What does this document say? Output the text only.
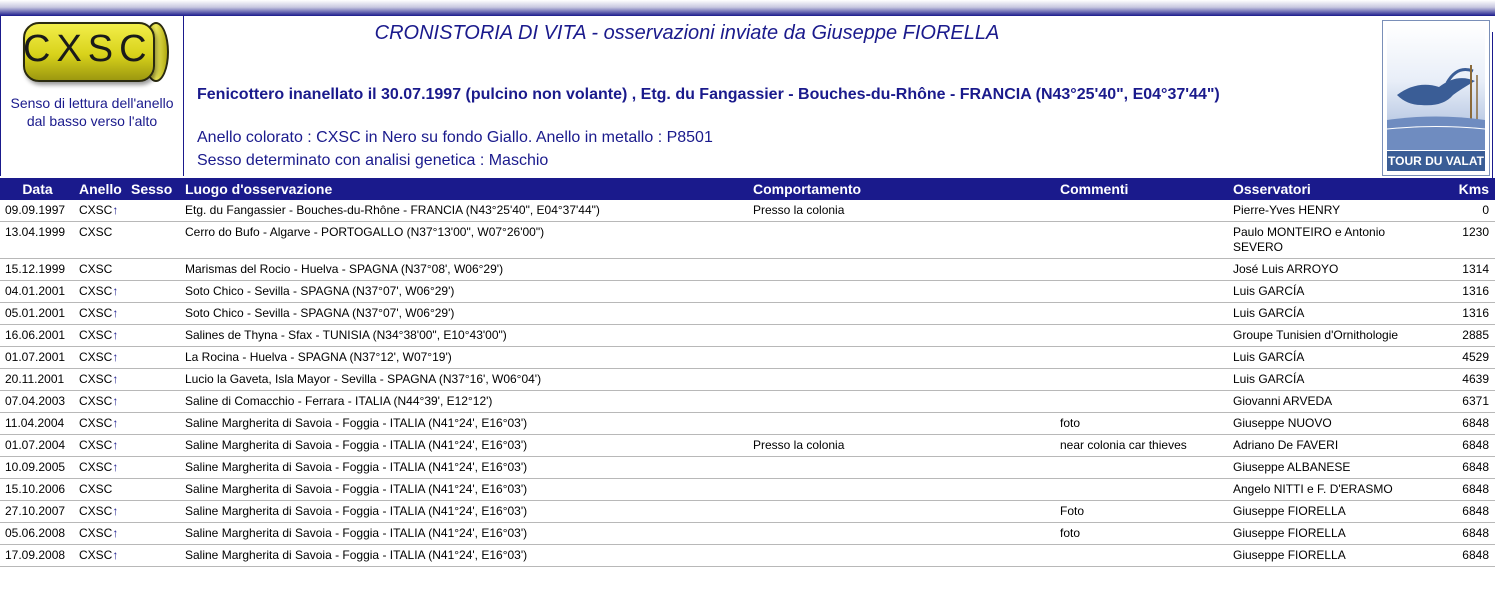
CXSC
Senso di lettura dell'anello dal basso verso l'alto
CRONISTORIA DI VITA - osservazioni inviate da Giuseppe FIORELLA
Fenicottero inanellato il 30.07.1997 (pulcino non volante) , Etg. du Fangassier - Bouches-du-Rhône - FRANCIA (N43°25'40", E04°37'44")
Anello colorato : CXSC in Nero su fondo Giallo. Anello in metallo : P8501
Sesso determinato con analisi genetica : Maschio	TOUR DU VALAT
Data	Anello	Sesso	Luogo d'osservazione	Comportamento	Commenti	Osservatori	Kms
09.09.1997	CXSC↑		Etg. du Fangassier - Bouches-du-Rhône - FRANCIA (N43°25'40", E04°37'44")	Presso la colonia		Pierre-Yves HENRY	0
13.04.1999	CXSC		Cerro do Bufo - Algarve - PORTOGALLO (N37°13'00", W07°26'00")			Paulo MONTEIRO e Antonio SEVERO	1230
15.12.1999	CXSC		Marismas del Rocio - Huelva - SPAGNA (N37°08', W06°29')			José Luis ARROYO	1314
04.01.2001	CXSC↑		Soto Chico - Sevilla - SPAGNA (N37°07', W06°29')			Luis GARCÍA	1316
05.01.2001	CXSC↑		Soto Chico - Sevilla - SPAGNA (N37°07', W06°29')			Luis GARCÍA	1316
16.06.2001	CXSC↑		Salines de Thyna - Sfax - TUNISIA (N34°38'00", E10°43'00")			Groupe Tunisien d'Ornithologie	2885
01.07.2001	CXSC↑		La Rocina - Huelva - SPAGNA (N37°12', W07°19')			Luis GARCÍA	4529
20.11.2001	CXSC↑		Lucio la Gaveta, Isla Mayor - Sevilla - SPAGNA (N37°16', W06°04')			Luis GARCÍA	4639
07.04.2003	CXSC↑		Saline di Comacchio - Ferrara - ITALIA (N44°39', E12°12')			Giovanni ARVEDA	6371
11.04.2004	CXSC↑		Saline Margherita di Savoia - Foggia - ITALIA (N41°24', E16°03')		foto	Giuseppe NUOVO	6848
01.07.2004	CXSC↑		Saline Margherita di Savoia - Foggia - ITALIA (N41°24', E16°03')	Presso la colonia	near colonia car thieves	Adriano De FAVERI	6848
10.09.2005	CXSC↑		Saline Margherita di Savoia - Foggia - ITALIA (N41°24', E16°03')			Giuseppe ALBANESE	6848
15.10.2006	CXSC		Saline Margherita di Savoia - Foggia - ITALIA (N41°24', E16°03')			Angelo NITTI e F. D'ERASMO	6848
27.10.2007	CXSC↑		Saline Margherita di Savoia - Foggia - ITALIA (N41°24', E16°03')		Foto	Giuseppe FIORELLA	6848
05.06.2008	CXSC↑		Saline Margherita di Savoia - Foggia - ITALIA (N41°24', E16°03')		foto	Giuseppe FIORELLA	6848
17.09.2008	CXSC↑		Saline Margherita di Savoia - Foggia - ITALIA (N41°24', E16°03')			Giuseppe FIORELLA	6848
